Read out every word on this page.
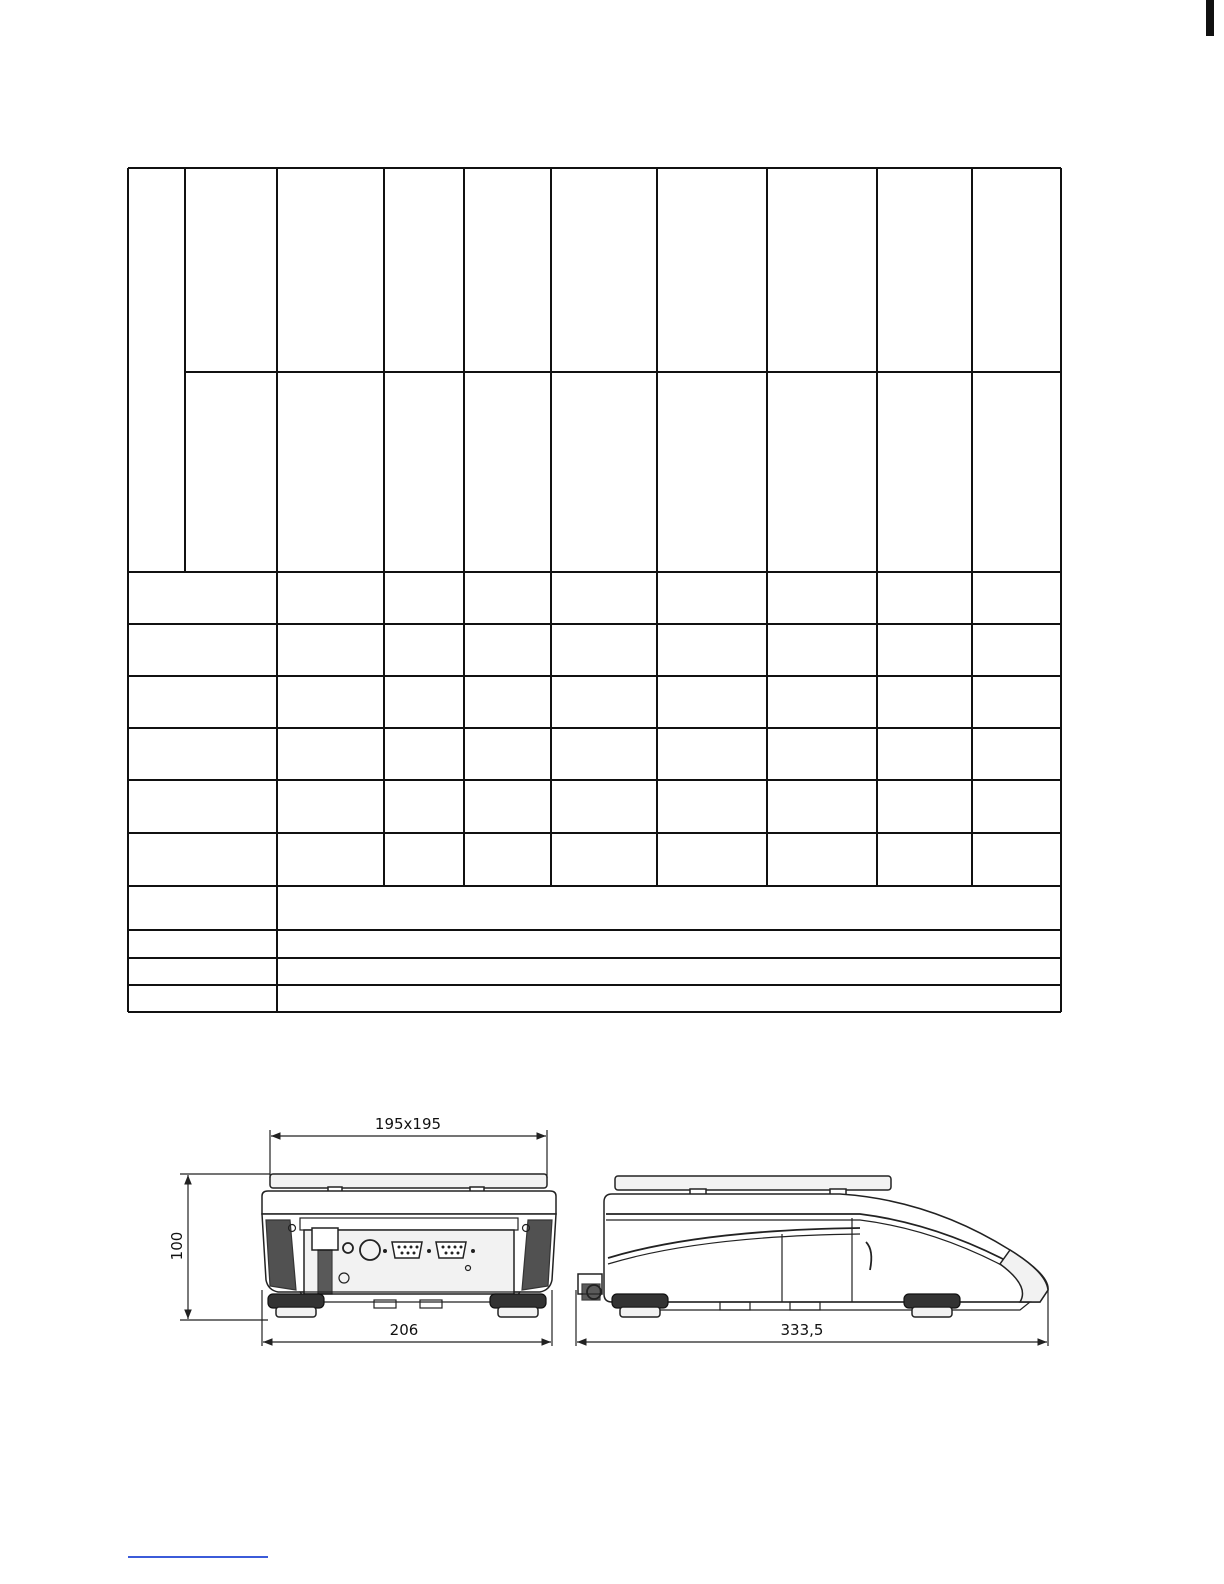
195x195
100
206	333,5
